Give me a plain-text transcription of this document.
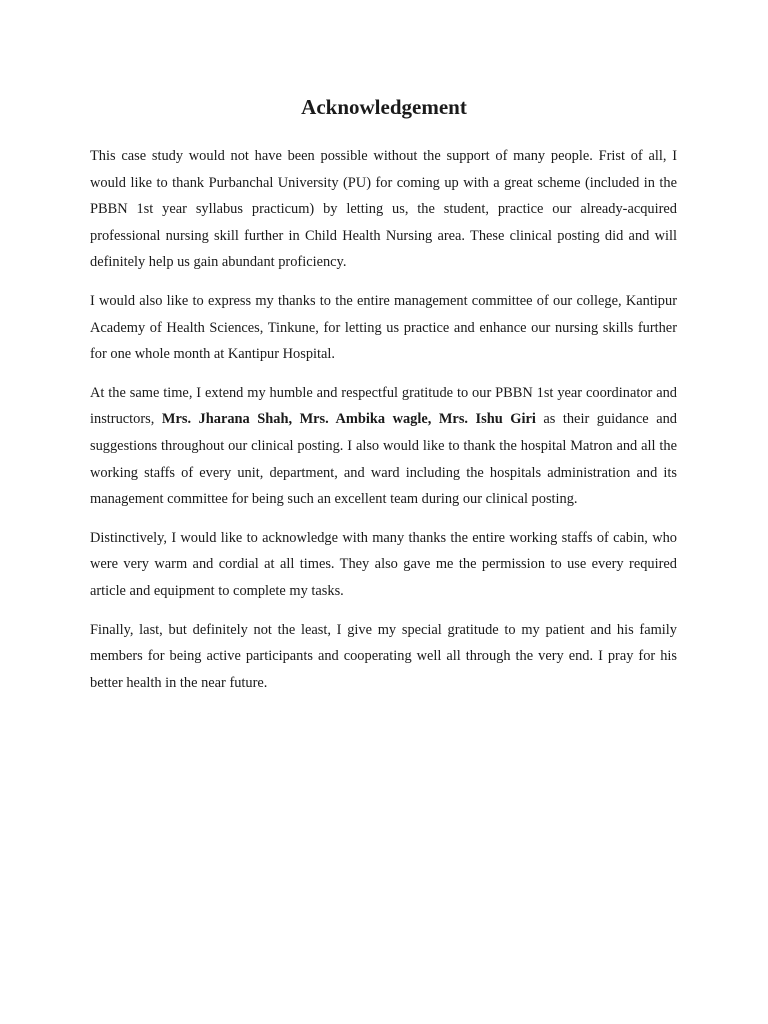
Acknowledgement

This case study would not have been possible without the support of many people. Frist of all, I would like to thank Purbanchal University (PU) for coming up with a great scheme (included in the PBBN 1st year syllabus practicum) by letting us, the student, practice our already-acquired professional nursing skill further in Child Health Nursing area. These clinical posting did and will definitely help us gain abundant proficiency.

I would also like to express my thanks to the entire management committee of our college, Kantipur Academy of Health Sciences, Tinkune, for letting us practice and enhance our nursing skills further for one whole month at Kantipur Hospital.

At the same time, I extend my humble and respectful gratitude to our PBBN 1st year coordinator and instructors, Mrs. Jharana Shah, Mrs. Ambika wagle, Mrs. Ishu Giri as their guidance and suggestions throughout our clinical posting. I also would like to thank the hospital Matron and all the working staffs of every unit, department, and ward including the hospitals administration and its management committee for being such an excellent team during our clinical posting.

Distinctively, I would like to acknowledge with many thanks the entire working staffs of cabin, who were very warm and cordial at all times. They also gave me the permission to use every required article and equipment to complete my tasks.

Finally, last, but definitely not the least, I give my special gratitude to my patient and his family members for being active participants and cooperating well all through the very end. I pray for his better health in the near future.
